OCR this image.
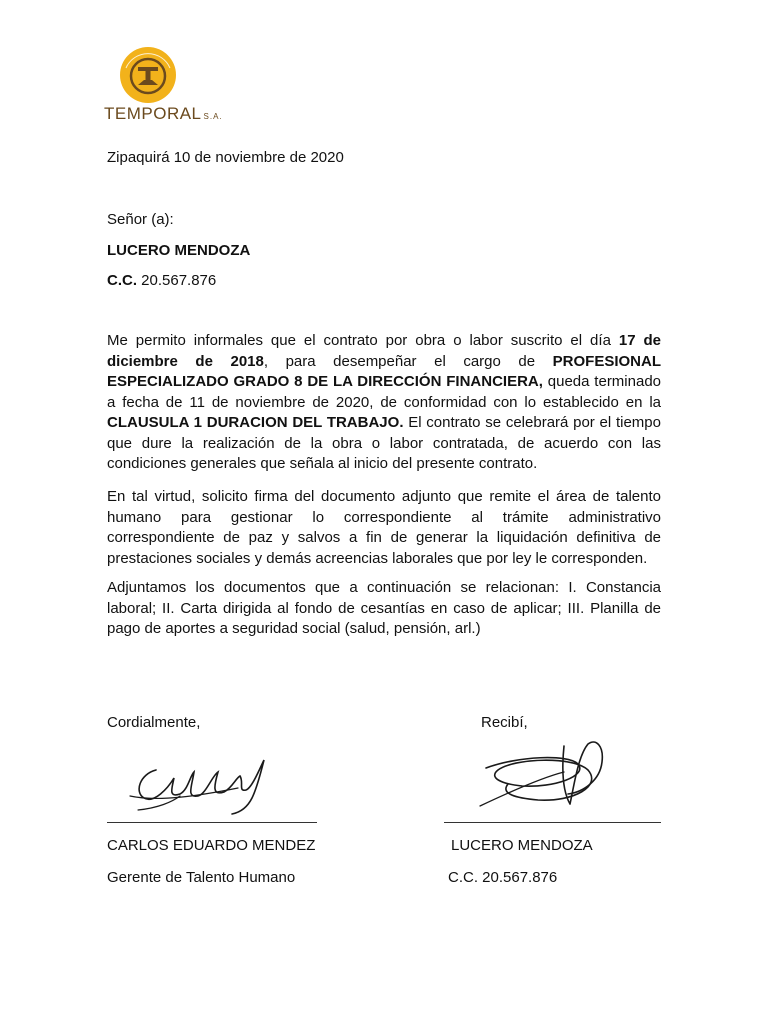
TEMPORAL S.A.
Zipaquirá 10 de noviembre de 2020
Señor (a):
LUCERO MENDOZA
C.C. 20.567.876
Me permito informales que el contrato por obra o labor suscrito el día 17 de diciembre de 2018, para desempeñar el cargo de PROFESIONAL ESPECIALIZADO GRADO 8 DE LA DIRECCIÓN FINANCIERA, queda terminado a fecha de 11 de noviembre de 2020, de conformidad con lo establecido en la CLAUSULA 1 DURACION DEL TRABAJO. El contrato se celebrará por el tiempo que dure la realización de la obra o labor contratada, de acuerdo con las condiciones generales que señala al inicio del presente contrato.
En tal virtud, solicito firma del documento adjunto que remite el área de talento humano para gestionar lo correspondiente al trámite administrativo correspondiente de paz y salvos a fin de generar la liquidación definitiva de prestaciones sociales y demás acreencias laborales que por ley le corresponden.
Adjuntamos los documentos que a continuación se relacionan: I. Constancia laboral; II. Carta dirigida al fondo de cesantías en caso de aplicar; III. Planilla de pago de aportes a seguridad social (salud, pensión, arl.)
Cordialmente,	Recibí,
CARLOS EDUARDO MENDEZ
Gerente de Talento Humano
LUCERO MENDOZA
C.C. 20.567.876
